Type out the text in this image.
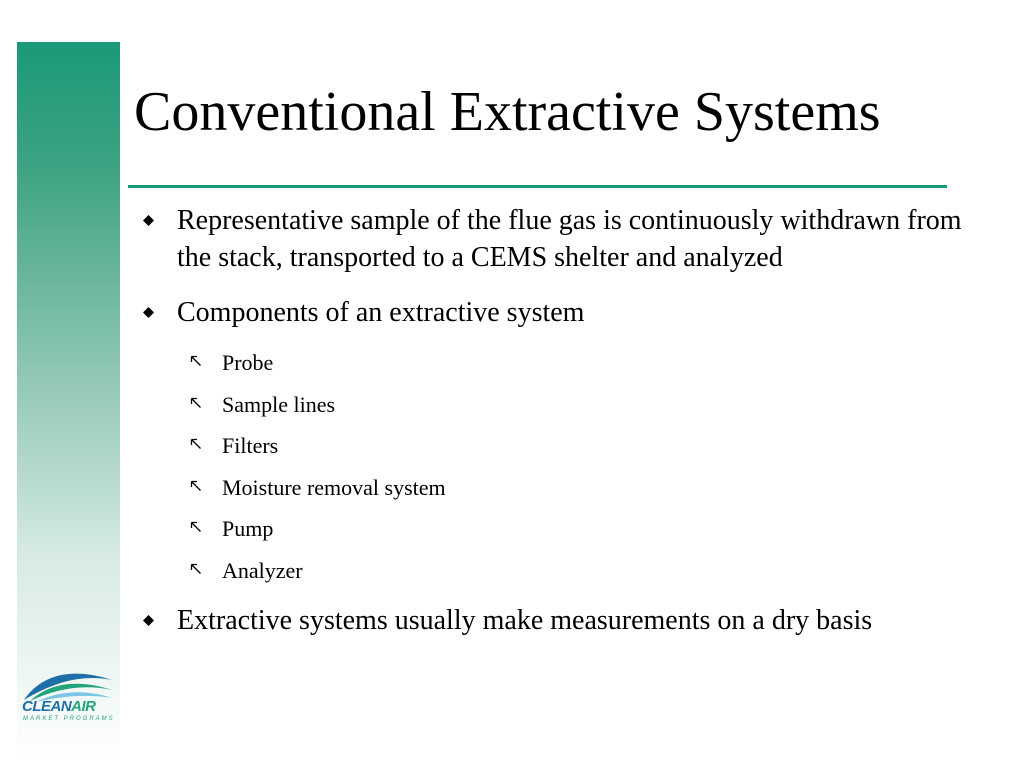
Conventional Extractive Systems
Representative sample of the flue gas is continuously withdrawn from the stack, transported to a CEMS shelter and analyzed
Components of an extractive system
Probe
Sample lines
Filters
Moisture removal system
Pump
Analyzer
Extractive systems usually make measurements on a dry basis
CLEANAIR
MARKET PROGRAMS
